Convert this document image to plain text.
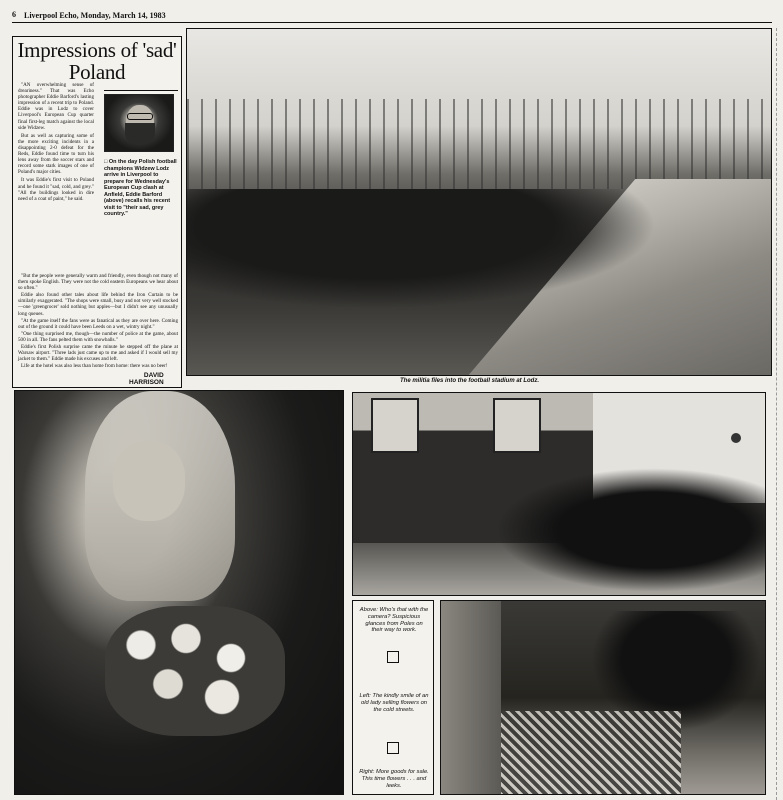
6 Liverpool Echo, Monday, March 14, 1983
Impressions of 'sad' Poland
□ On the day Polish football champions Widzew Lodz arrive in Liverpool to prepare for Wednesday's European Cup clash at Anfield, Eddie Barford (above) recalls his recent visit to "their sad, grey country."

"AN overwhelming sense of dreariness." That was Echo photographer Eddie Barford's lasting impression of a recent trip to Poland. Eddie was in Lodz to cover Liverpool's European Cup quarter final first-leg match against the local side Widzew.

But as well as capturing some of the more exciting incidents in a disappointing 2-0 defeat for the Reds, Eddie found time to turn his lens away from the soccer stars and record some stark images of one of Poland's major cities.

It was Eddie's first visit to Poland and he found it "sad, cold, and grey." "All the buildings looked in dire need of a coat of paint," he said.

"But the people were generally warm and friendly, even though not many of them spoke English. They were not the cold eastern Europeans we hear about so often."

Eddie also found other tales about life behind the Iron Curtain to be similarly exaggerated. "The shops were small, busy and not very well stocked—one 'greengrocer' sold nothing but apples—but I didn't see any unusually long queues.

"At the game itself the fans were as fanatical as they are over here. Coming out of the ground it could have been Leeds on a wet, wintry night."

"One thing surprised me, though—the number of police at the game, about 500 in all. The fans pelted them with snowballs."

Eddie's first Polish surprise came the minute he stepped off the plane at Warsaw airport. "Three lads just came up to me and asked if I would sell my jacket to them." Eddie made his excuses and left.

Life at the hotel was also less than home from home: there was no beer!

DAVID
HARRISON	The militia files into the football stadium at Lodz.
Above: Who's that with the camera? Suspicious glances from Poles on their way to work.
Left: The kindly smile of an old lady selling flowers on the cold streets.
Right: More goods for sale. This time flowers . . . and leeks.
